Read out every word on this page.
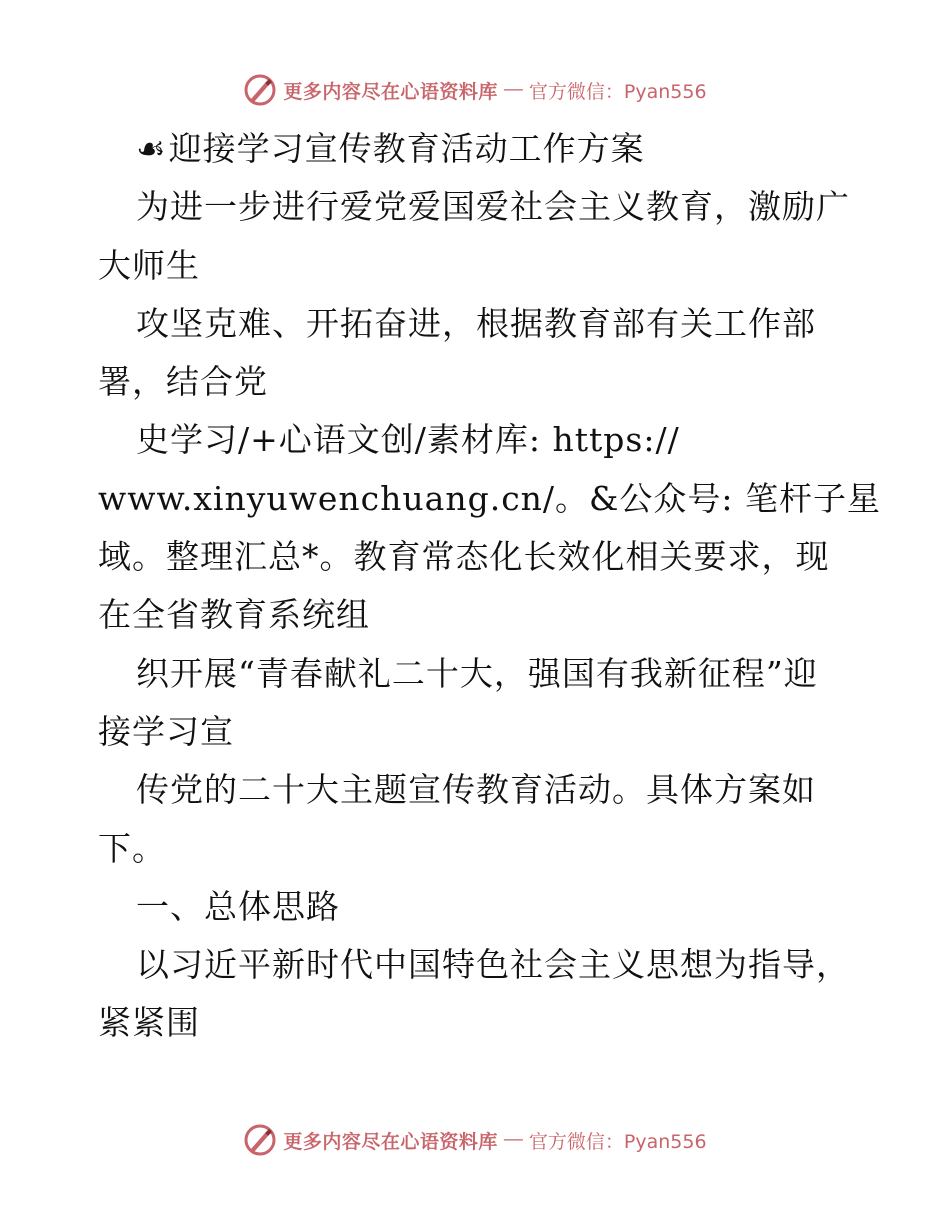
更多内容尽在心语资料库 — 官方微信：Pyan556
☙迎接学习宣传教育活动工作方案
为进一步进行爱党爱国爱社会主义教育，激励广
大师生
攻坚克难、开拓奋进，根据教育部有关工作部
署，结合党
史学习/+心语文创/素材库: https://
www.xinyuwenchuang.cn/。&公众号: 笔杆子星
域。整理汇总*。教育常态化长效化相关要求，现
在全省教育系统组
织开展“青春献礼二十大，强国有我新征程”迎
接学习宣
传党的二十大主题宣传教育活动。具体方案如
下。
一、总体思路
以习近平新时代中国特色社会主义思想为指导，
紧紧围
更多内容尽在心语资料库 — 官方微信：Pyan556
